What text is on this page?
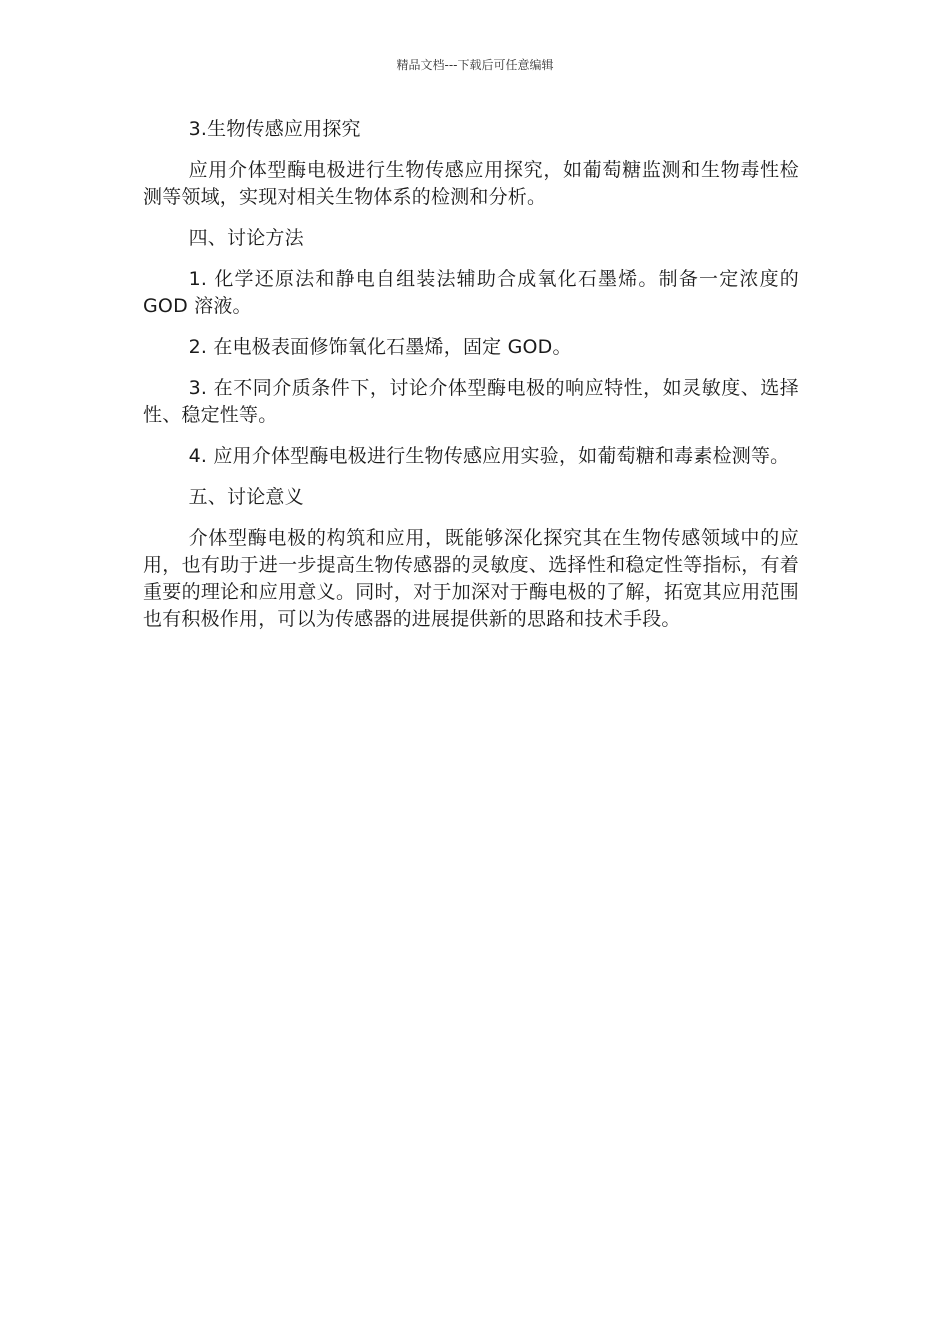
精品文档---下载后可任意编辑

3.生物传感应用探究

应用介体型酶电极进行生物传感应用探究，如葡萄糖监测和生物毒性检测等领域，实现对相关生物体系的检测和分析。

四、讨论方法

1. 化学还原法和静电自组装法辅助合成氧化石墨烯。制备一定浓度的 GOD 溶液。

2. 在电极表面修饰氧化石墨烯，固定 GOD。

3. 在不同介质条件下，讨论介体型酶电极的响应特性，如灵敏度、选择性、稳定性等。

4. 应用介体型酶电极进行生物传感应用实验，如葡萄糖和毒素检测等。

五、讨论意义

介体型酶电极的构筑和应用，既能够深化探究其在生物传感领域中的应用，也有助于进一步提高生物传感器的灵敏度、选择性和稳定性等指标，有着重要的理论和应用意义。同时，对于加深对于酶电极的了解，拓宽其应用范围也有积极作用，可以为传感器的进展提供新的思路和技术手段。
